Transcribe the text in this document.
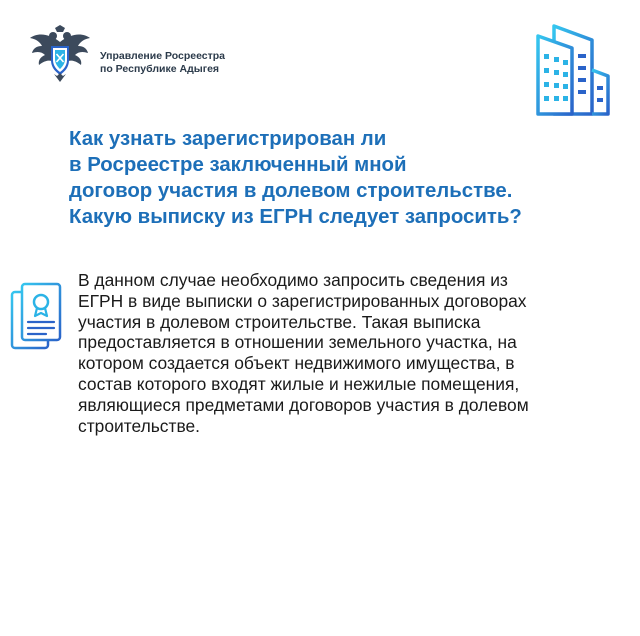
Управление Росреестра
по Республике Адыгея
Как узнать зарегистрирован ли
в Росреестре заключенный мной
договор участия в долевом строительстве.
Какую выписку из ЕГРН следует запросить?
В данном случае необходимо запросить сведения из
ЕГРН в виде выписки о зарегистрированных договорах
участия в долевом строительстве. Такая выписка
предоставляется в отношении земельного участка, на
котором создается объект недвижимого имущества, в
состав которого входят жилые и нежилые помещения,
являющиеся предметами договоров участия в долевом
строительстве.
